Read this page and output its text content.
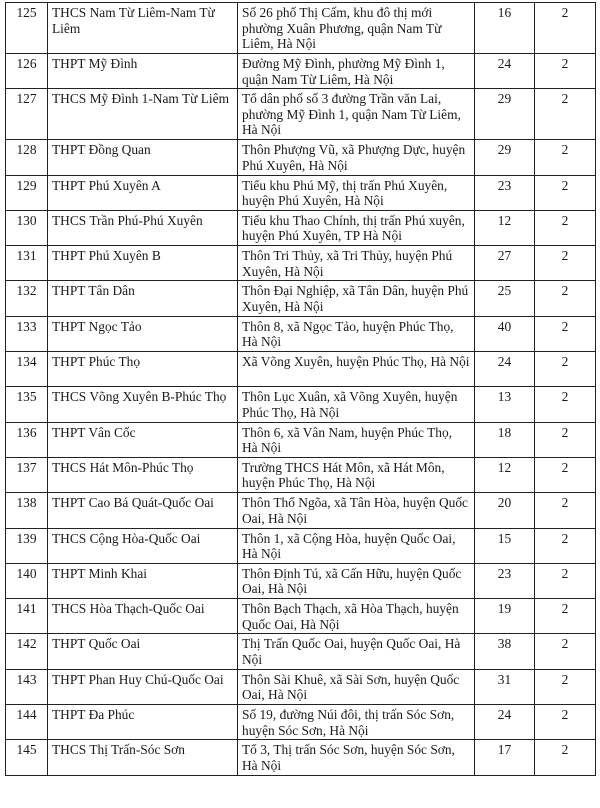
125	THCS Nam Từ Liêm-Nam Từ Liêm	Số 26 phố Thị Cấm, khu đô thị mới phường Xuân Phương, quận Nam Từ Liêm, Hà Nội	16	2
126	THPT Mỹ Đình	Đường Mỹ Đình, phường Mỹ Đình 1, quận Nam Từ Liêm, Hà Nội	24	2
127	THCS Mỹ Đình 1-Nam Từ Liêm	Tổ dân phố số 3 đường Trần văn Lai, phường Mỹ Đình 1, quận Nam Từ Liêm, Hà Nội	29	2
128	THPT Đồng Quan	Thôn Phượng Vũ, xã Phượng Dực, huyện Phú Xuyên, Hà Nội	29	2
129	THPT Phú Xuyên A	Tiểu khu Phú Mỹ, thị trấn Phú Xuyên, huyện Phú Xuyên, Hà Nội	23	2
130	THCS Trần Phú-Phú Xuyên	Tiểu khu Thao Chính, thị trấn Phú xuyên, huyện Phú Xuyên, TP Hà Nội	12	2
131	THPT Phú Xuyên B	Thôn Tri Thủy, xã Tri Thủy, huyện Phú Xuyên, Hà Nội	27	2
132	THPT Tân Dân	Thôn Đại Nghiệp, xã Tân Dân, huyện Phú Xuyên, Hà Nội	25	2
133	THPT Ngọc Tảo	Thôn 8, xã Ngọc Tảo, huyện Phúc Thọ, Hà Nội	40	2
134	THPT Phúc Thọ	Xã Võng Xuyên, huyện Phúc Thọ, Hà Nội	24	2
135	THCS Võng Xuyên B-Phúc Thọ	Thôn Lục Xuân, xã Võng Xuyên, huyện Phúc Thọ, Hà Nội	13	2
136	THPT Vân Cốc	Thôn 6, xã Vân Nam, huyện Phúc Thọ, Hà Nội	18	2
137	THCS Hát Môn-Phúc Thọ	Trường THCS Hát Môn, xã Hát Môn, huyện Phúc Thọ, Hà Nội	12	2
138	THPT Cao Bá Quát-Quốc Oai	Thôn Thổ Ngõa, xã Tân Hòa, huyện Quốc Oai, Hà Nội	20	2
139	THCS Cộng Hòa-Quốc Oai	Thôn 1, xã Cộng Hòa, huyện Quốc Oai, Hà Nội	15	2
140	THPT Minh Khai	Thôn Định Tú, xã Cấn Hữu, huyện Quốc Oai, Hà Nội	23	2
141	THCS Hòa Thạch-Quốc Oai	Thôn Bạch Thạch, xã Hòa Thạch, huyện Quốc Oai, Hà Nội	19	2
142	THPT Quốc Oai	Thị Trấn Quốc Oai, huyện Quốc Oai, Hà Nội	38	2
143	THPT Phan Huy Chú-Quốc Oai	Thôn Sài Khuê, xã Sài Sơn, huyện Quốc Oai, Hà Nội	31	2
144	THPT Đa Phúc	Số 19, đường Núi đôi, thị trấn Sóc Sơn, huyện Sóc Sơn, Hà Nội	24	2
145	THCS Thị Trấn-Sóc Sơn	Tổ 3, Thị trấn Sóc Sơn, huyện Sóc Sơn, Hà Nội	17	2
